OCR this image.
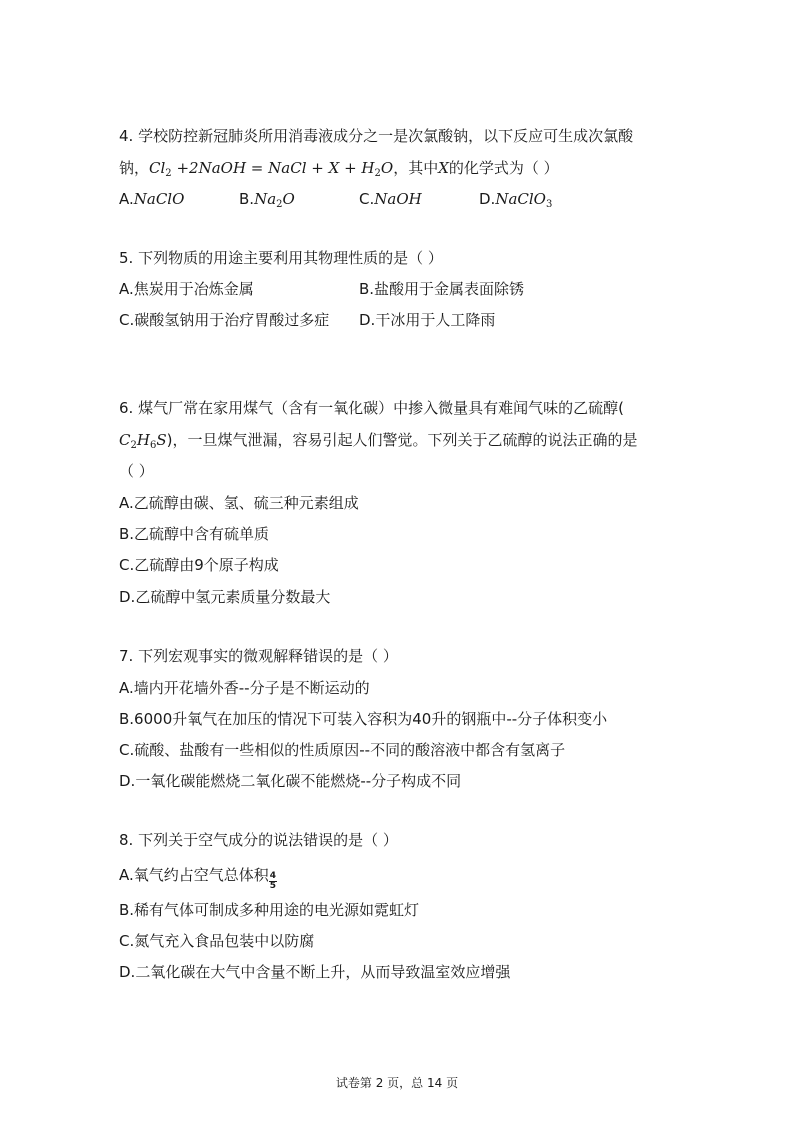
4. 学校防控新冠肺炎所用消毒液成分之一是次氯酸钠，以下反应可生成次氯酸
钠，$Cl_2$ +2NaOH = NaCl + $X + H_2O$，其中X的化学式为（ ）
A.NaClO	$B.Na_2O$	C.NaOH	D.NaClO$_3$
5. 下列物质的用途主要利用其物理性质的是（ ）
A.焦炭用于冶炼金属	B.盐酸用于金属表面除锈
C.碳酸氢钠用于治疗胃酸过多症 D.干冰用于人工降雨
6. 煤气厂常在家用煤气（含有一氧化碳）中掺入微量具有难闻气味的乙硫醇(
$C_2H_6S$)，一旦煤气泄漏，容易引起人们警觉。下列关于乙硫醇的说法正确的是
（ ）
A.乙硫醇由碳、氢、硫三种元素组成
B.乙硫醇中含有硫单质
C.乙硫醇由9个原子构成
D.乙硫醇中氢元素质量分数最大
7. 下列宏观事实的微观解释错误的是（ ）
A.墙内开花墙外香--分子是不断运动的
B.6000升氧气在加压的情况下可装入容积为40升的钢瓶中--分子体积变小
C.硫酸、盐酸有一些相似的性质原因--不同的酸溶液中都含有氢离子
D.一氧化碳能燃烧二氧化碳不能燃烧--分子构成不同
8. 下列关于空气成分的说法错误的是（ ）
A.氧气约占空气总体积 $\frac{4}{5}$
B.稀有气体可制成多种用途的电光源如霓虹灯
C.氮气充入食品包装中以防腐
D.二氧化碳在大气中含量不断上升，从而导致温室效应增强
试卷第 2 页，总 14 页
